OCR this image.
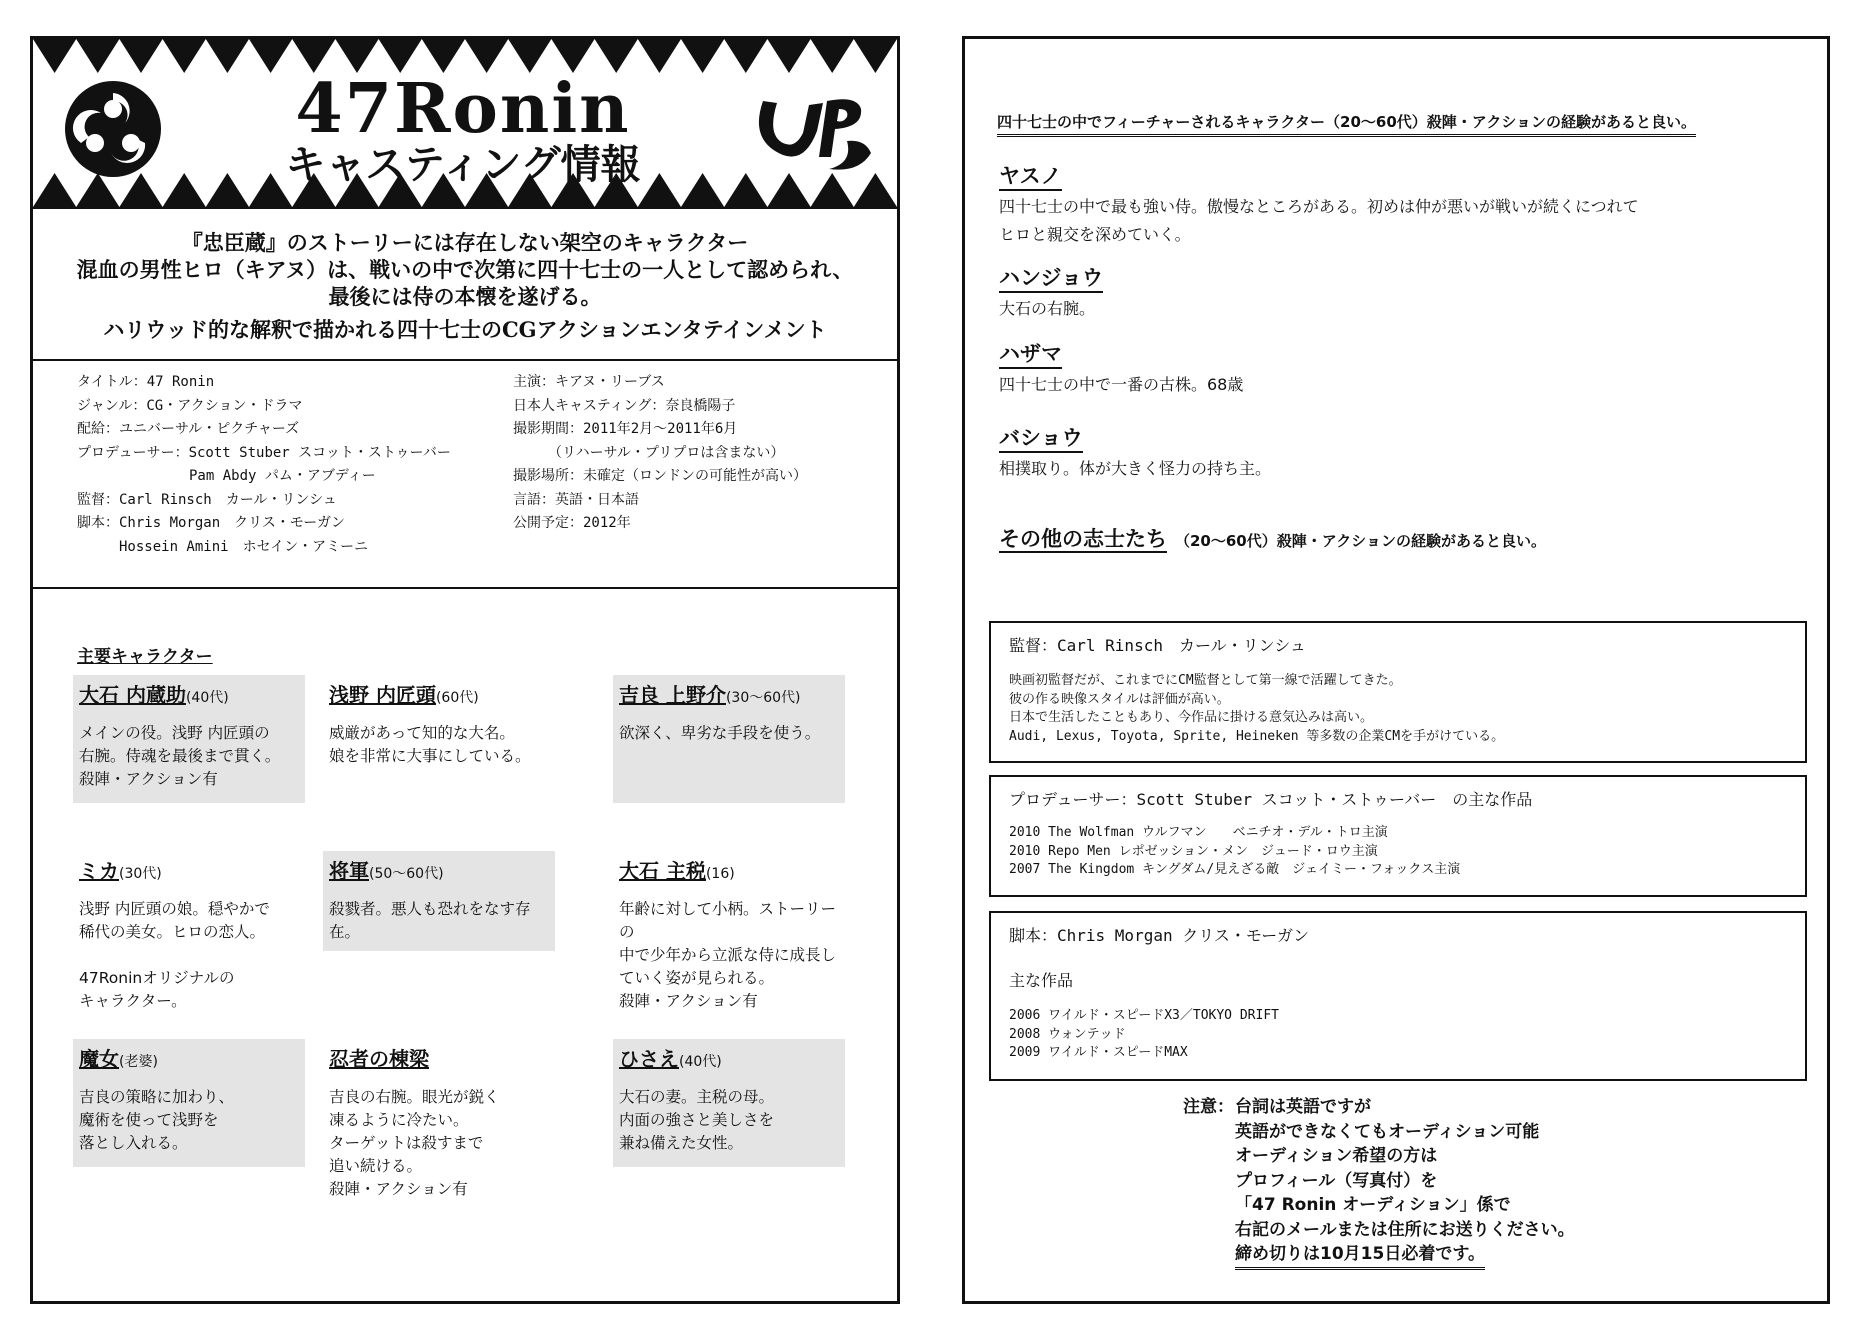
47Ronin
キャスティング情報
『忠臣蔵』のストーリーには存在しない架空のキャラクター
混血の男性ヒロ（キアヌ）は、戦いの中で次第に四十七士の一人として認められ、
最後には侍の本懐を遂げる。
ハリウッド的な解釈で描かれる四十七士のCGアクションエンタテインメント
タイトル：47 Ronin
ジャンル：CG・アクション・ドラマ
配給：ユニバーサル・ピクチャーズ
プロデューサー：Scott Stuber スコット・ストゥーバー
　　　　　　　　Pam Abdy パム・アブディー
監督：Carl Rinsch　カール・リンシュ
脚本：Chris Morgan　クリス・モーガン
　　　Hossein Amini　ホセイン・アミーニ
主演：キアヌ・リーブス
日本人キャスティング：奈良橋陽子
撮影期間：2011年2月～2011年6月
　　　（リハーサル・プリプロは含まない）
撮影場所：未確定（ロンドンの可能性が高い）
言語：英語・日本語
公開予定：2012年
主要キャラクター
大石 内蔵助(40代)
メインの役。浅野 内匠頭の
右腕。侍魂を最後まで貫く。
殺陣・アクション有
浅野 内匠頭(60代)
威厳があって知的な大名。
娘を非常に大事にしている。
吉良 上野介(30～60代)
欲深く、卑劣な手段を使う。
ミカ(30代)
浅野 内匠頭の娘。穏やかで
稀代の美女。ヒロの恋人。

47Roninオリジナルの
キャラクター。
将軍(50～60代)
殺戮者。悪人も恐れをなす存在。
大石 主税(16)
年齢に対して小柄。ストーリーの
中で少年から立派な侍に成長し
ていく姿が見られる。
殺陣・アクション有
魔女(老婆)
吉良の策略に加わり、
魔術を使って浅野を
落とし入れる。
忍者の棟梁
吉良の右腕。眼光が鋭く
凍るように冷たい。
ターゲットは殺すまで
追い続ける。
殺陣・アクション有
ひさえ(40代)
大石の妻。主税の母。
内面の強さと美しさを
兼ね備えた女性。
四十七士の中でフィーチャーされるキャラクター（20～60代）殺陣・アクションの経験があると良い。
ヤスノ
四十七士の中で最も強い侍。傲慢なところがある。初めは仲が悪いが戦いが続くにつれて
ヒロと親交を深めていく。
ハンジョウ
大石の右腕。
ハザマ
四十七士の中で一番の古株。68歳
バショウ
相撲取り。体が大きく怪力の持ち主。
その他の志士たち （20～60代）殺陣・アクションの経験があると良い。
監督：Carl Rinsch　カール・リンシュ
映画初監督だが、これまでにCM監督として第一線で活躍してきた。
彼の作る映像スタイルは評価が高い。
日本で生活したこともあり、今作品に掛ける意気込みは高い。
Audi, Lexus, Toyota, Sprite, Heineken 等多数の企業CMを手がけている。
プロデューサー：Scott Stuber スコット・ストゥーバー　の主な作品
2010 The Wolfman ウルフマン　　ベニチオ・デル・トロ主演
2010 Repo Men レポゼッション・メン　ジュード・ロウ主演
2007 The Kingdom キングダム/見えざる敵　ジェイミー・フォックス主演
脚本：Chris Morgan クリス・モーガン
主な作品
2006 ワイルド・スピードX3／TOKYO DRIFT
2008 ウォンテッド
2009 ワイルド・スピードMAX
注意： 台詞は英語ですが
英語ができなくてもオーディション可能
オーディション希望の方は
プロフィール（写真付）を
「47 Ronin オーディション」係で
右記のメールまたは住所にお送りください。
締め切りは10月15日必着です。
